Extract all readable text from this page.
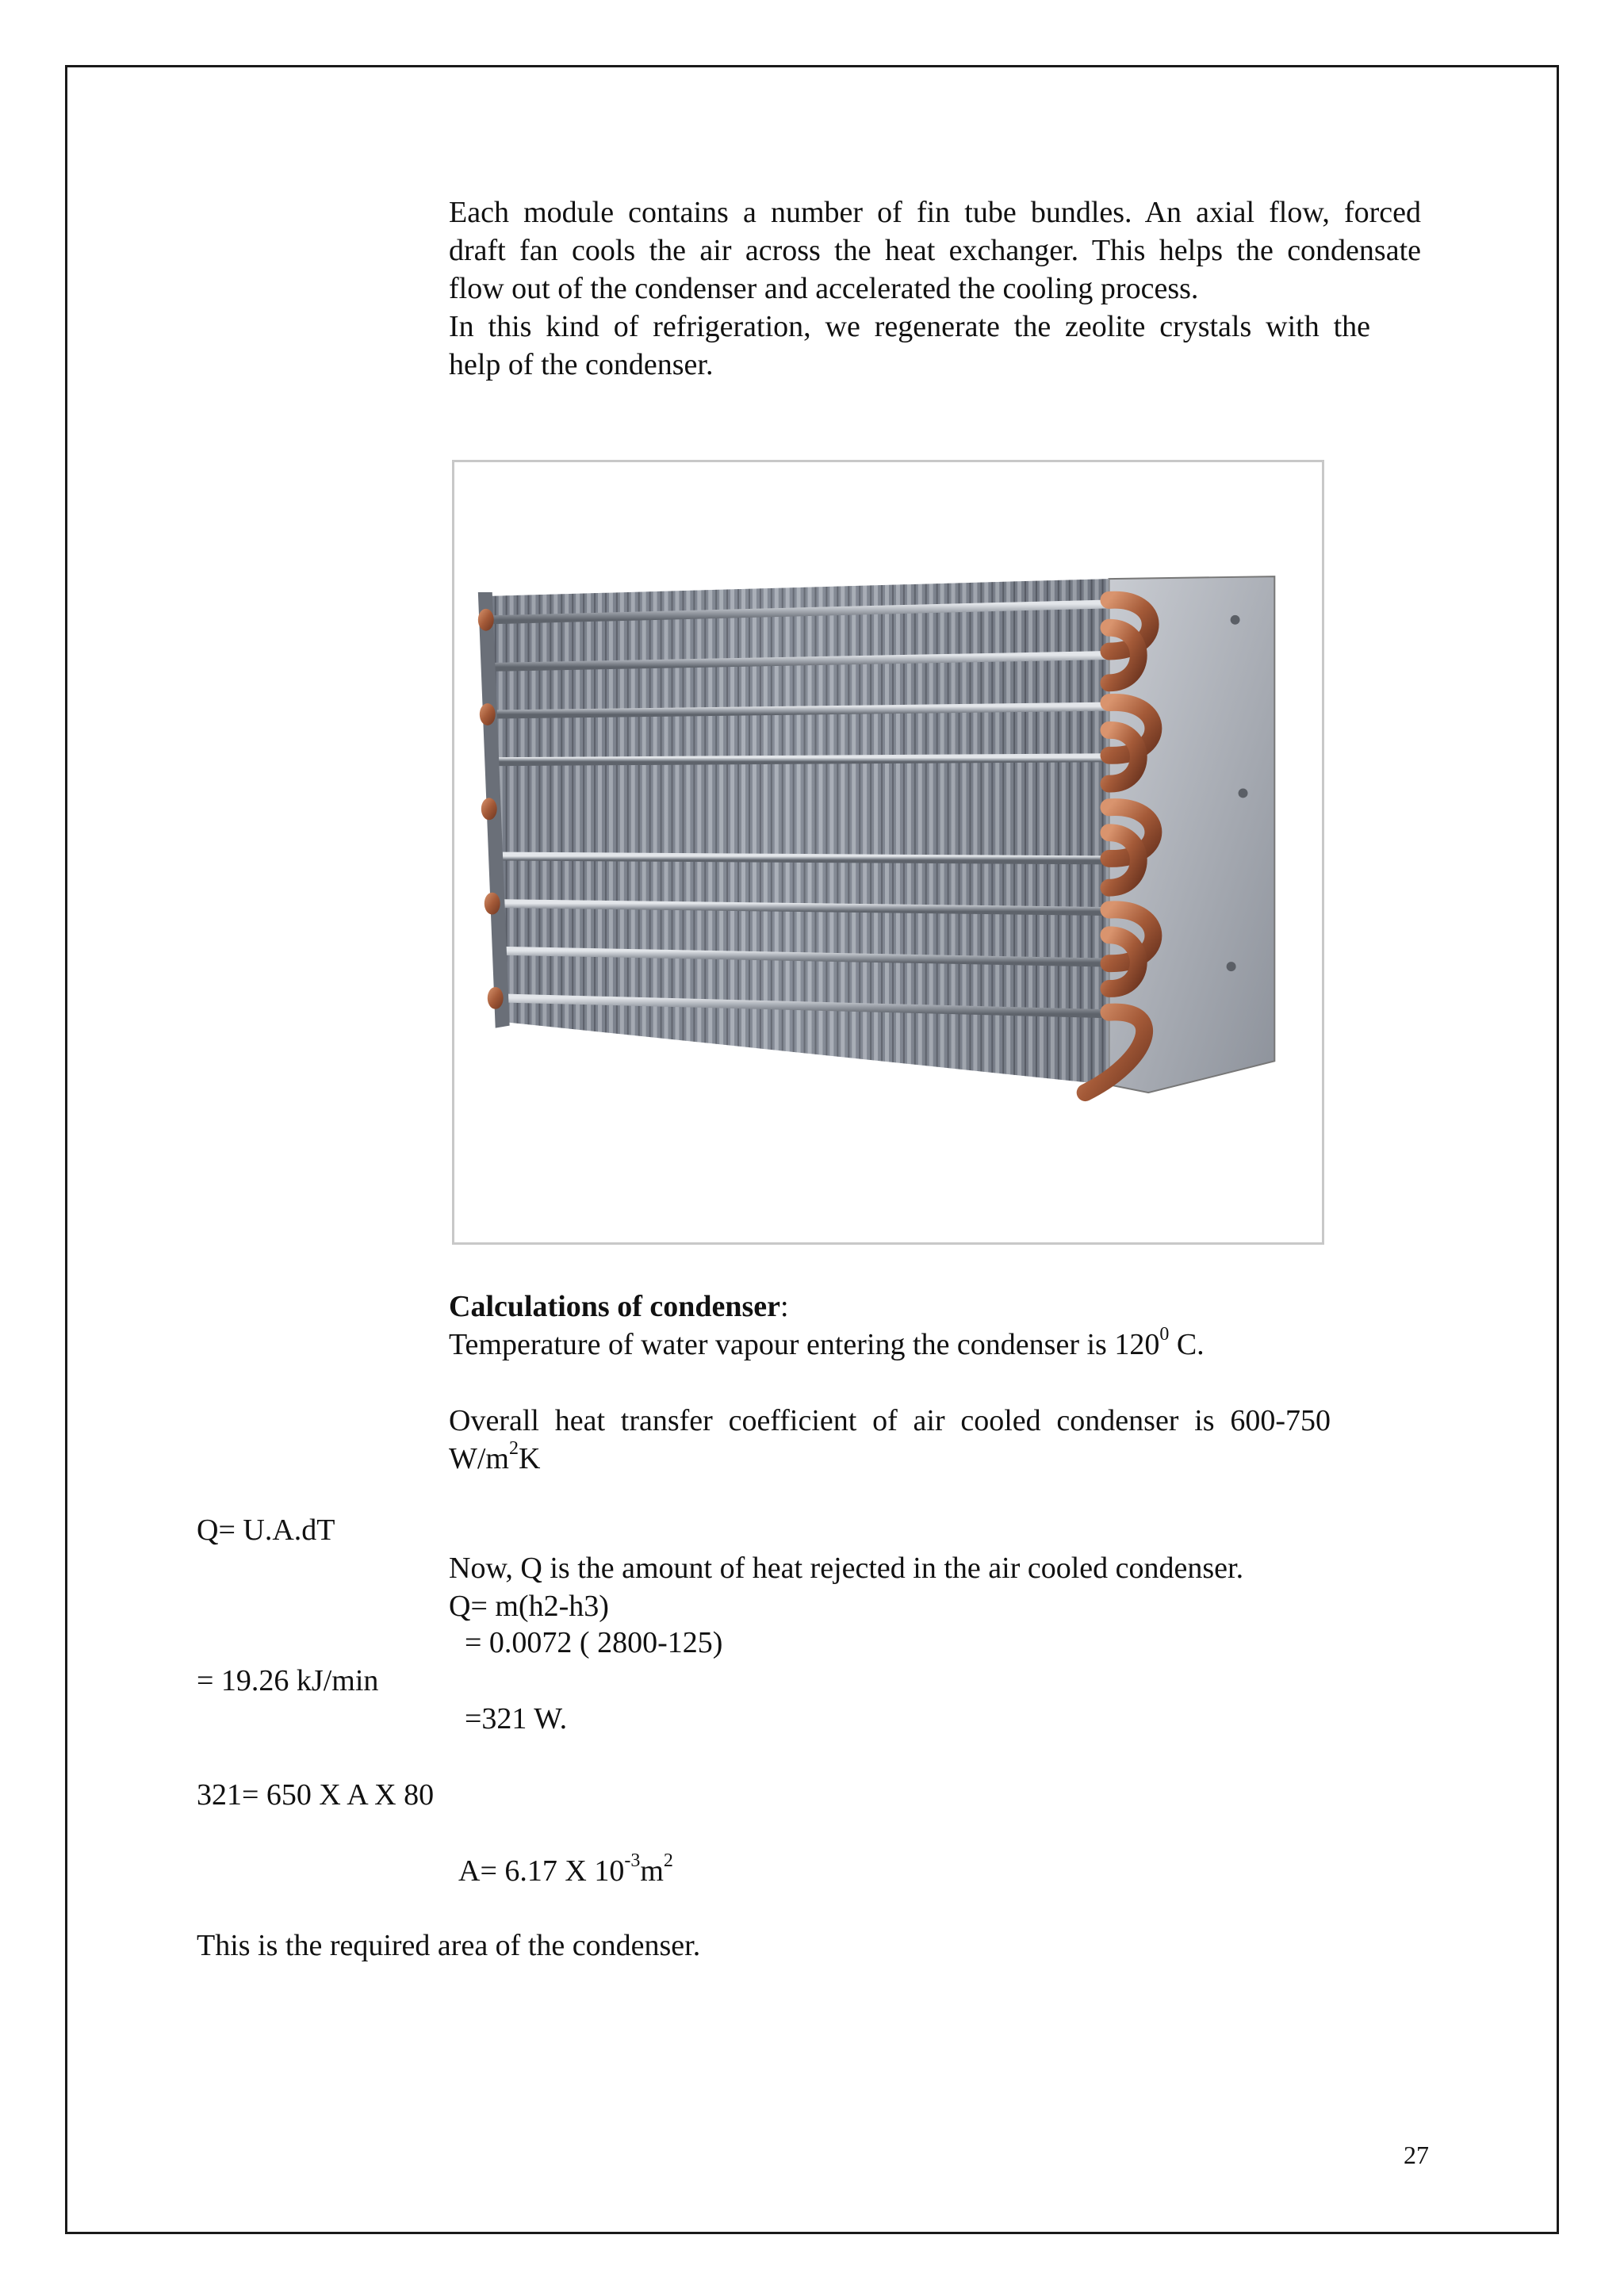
Each module contains a number of fin tube bundles. An axial flow, forced
draft fan cools the air across the heat exchanger. This helps the condensate
flow out of the condenser and accelerated the cooling process.
In this kind of refrigeration, we regenerate the zeolite crystals with the
help of the condenser.
Calculations of condenser:
Temperature of water vapour entering the condenser is $120^0$ C.
Overall heat transfer coefficient of air cooled condenser is 600-750
$W/m^2K$
Q= U.A.dT
Now, Q is the amount of heat rejected in the air cooled condenser.
Q= m(h2-h3)
= 0.0072 ( 2800-125)
= 19.26 kJ/min
=321 W.
321= 650 X A X 80
A= 6.17 X $10^{-3}m^2$
This is the required area of the condenser.
27
